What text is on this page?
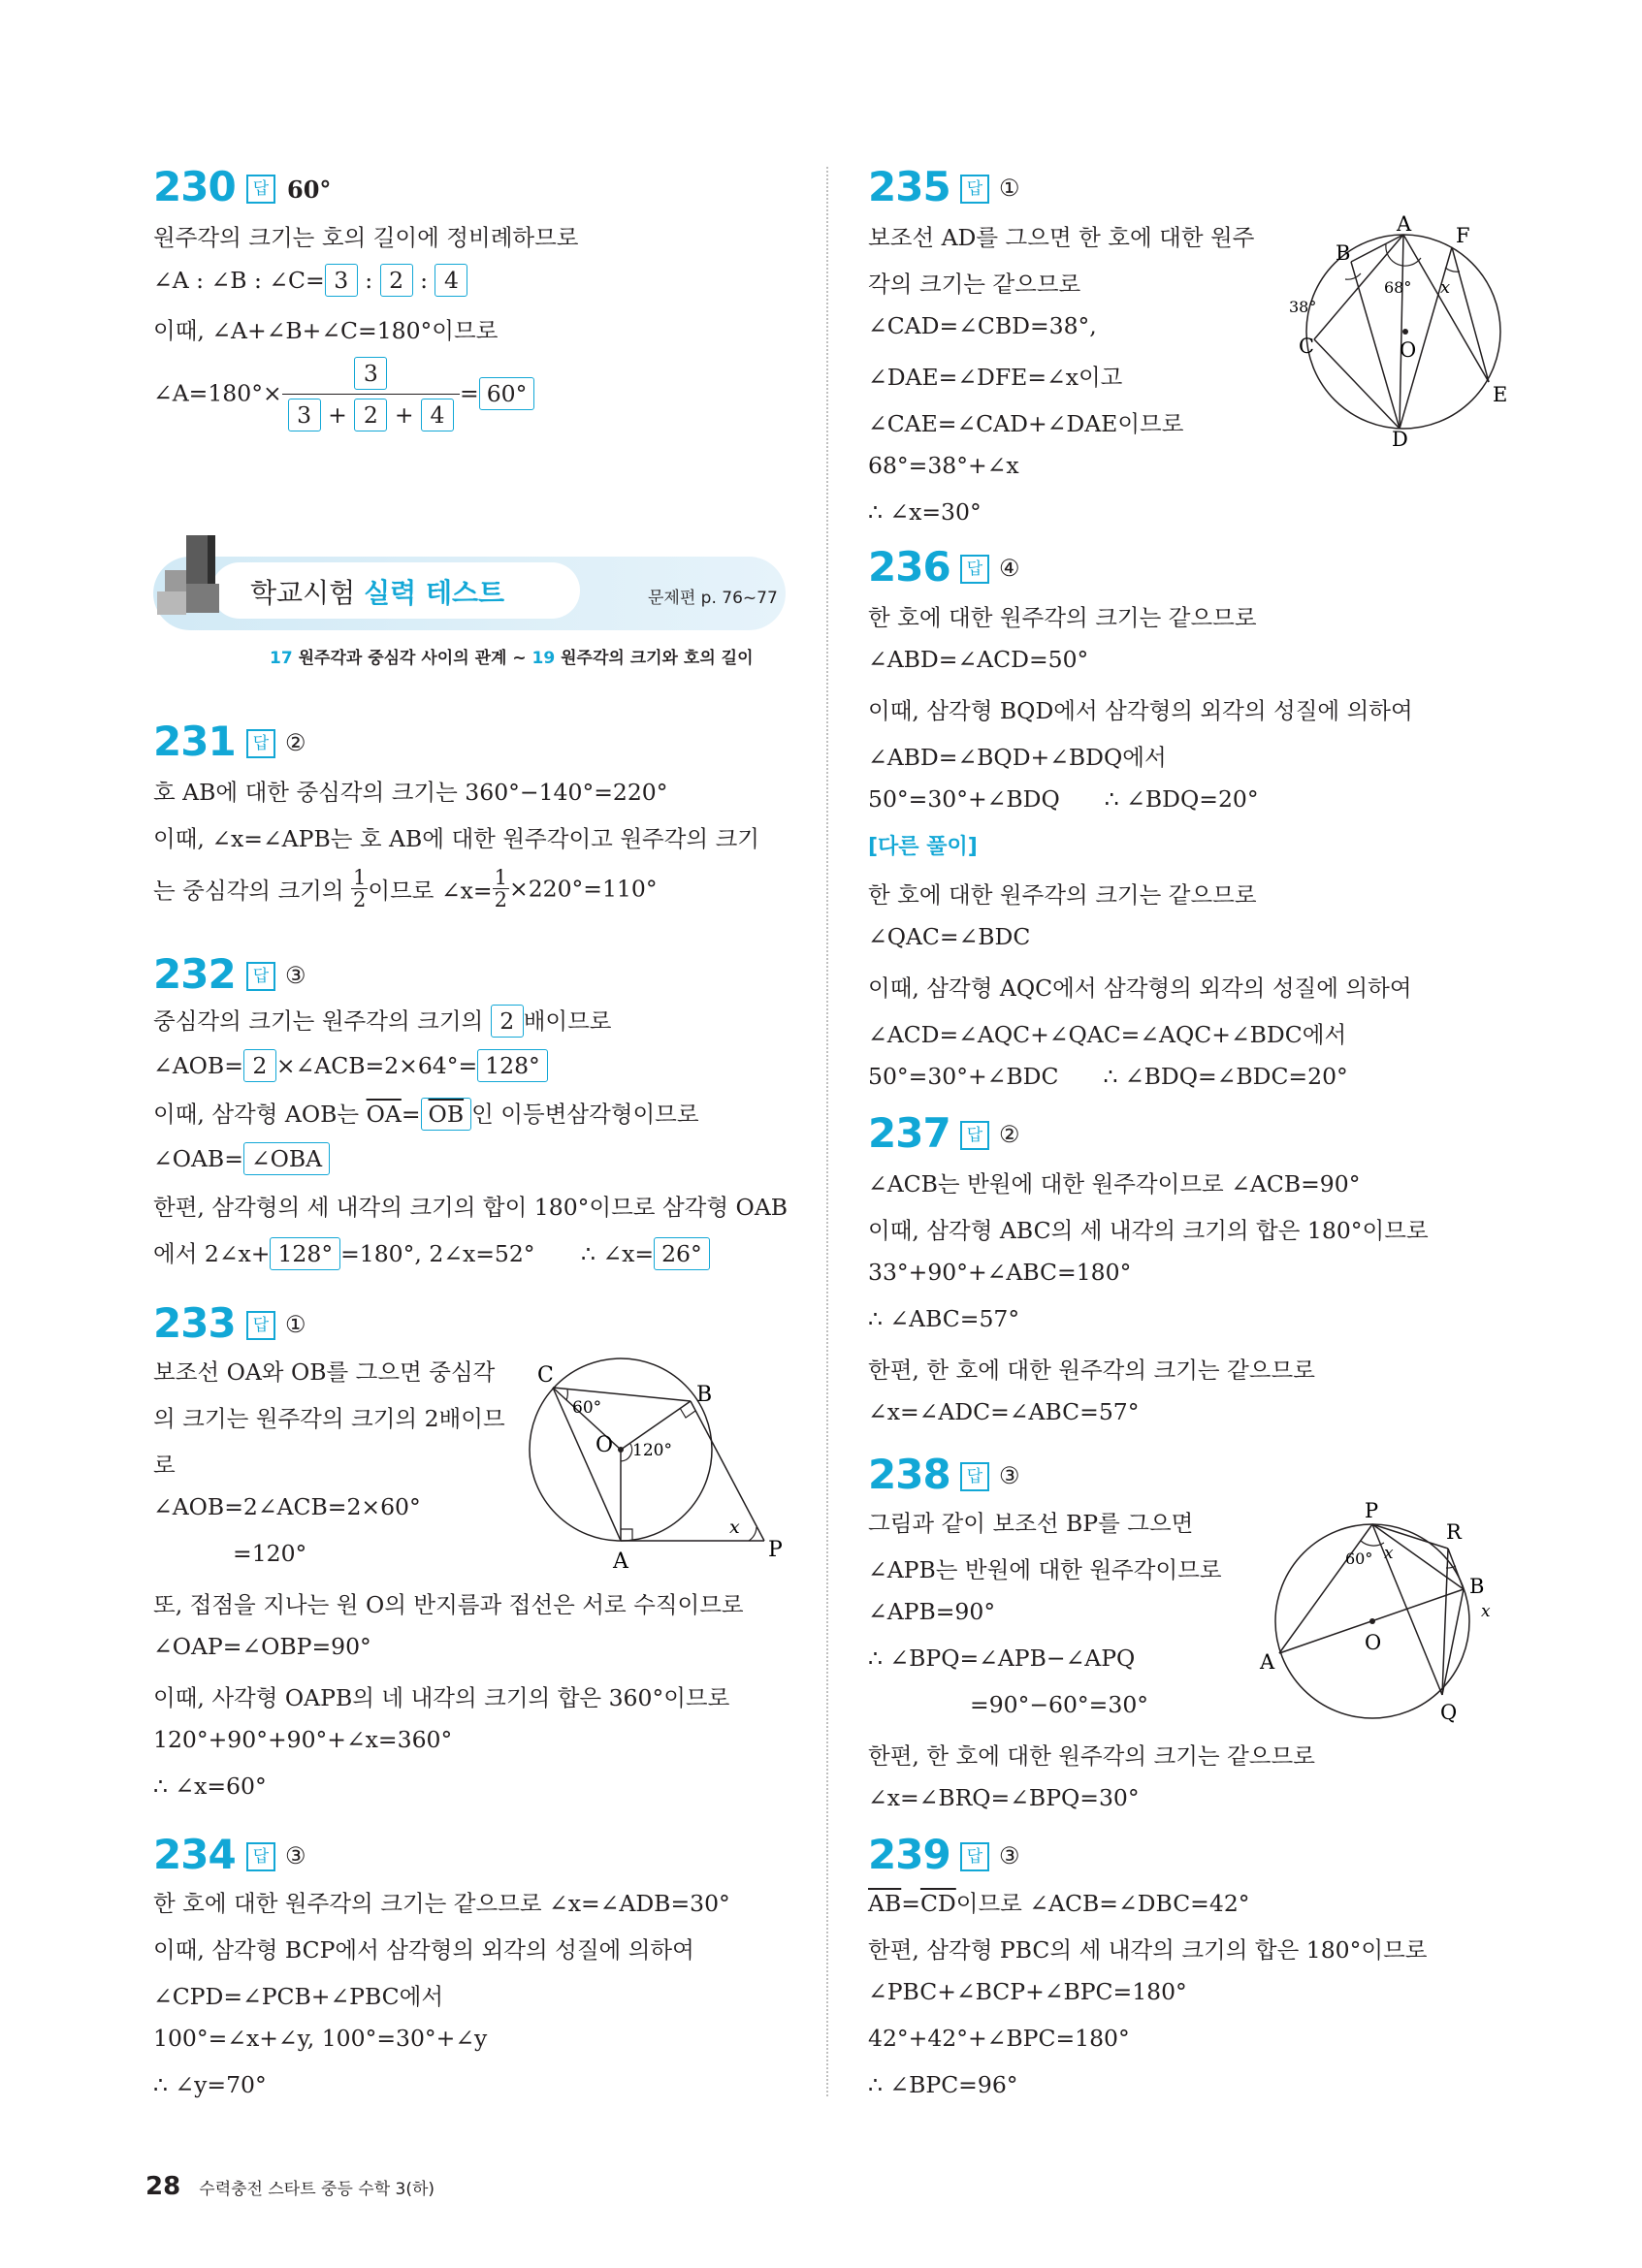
230	답 60°
원주각의 크기는 호의 길이에 정비례하므로
∠A : ∠B : ∠C= 3 : 2 : 4
이때, ∠A+∠B+∠C=180°이므로
∠A=180°× $\frac{3}{3 + 2 + 4} = 60^\circ$
학교시험 실력 테스트	문제편 p. 76~77
17 원주각과 중심각 사이의 관계 ~ 19 원주각의 크기와 호의 길이
231	답 ②
호 AB에 대한 중심각의 크기는 360°−140°=220°
이때, ∠x=∠APB는 호 AB에 대한 원주각이고 원주각의 크기
는 중심각의 크기의 $\frac{1}{2}$ 이므로 ∠x= $\frac{1}{2} \times 220^\circ=110^\circ$
232	답 ③
중심각의 크기는 원주각의 크기의 2 배이므로
∠AOB= 2 ×∠ACB=2×64°= 128°
이때, 삼각형 AOB는 $\overline{OA}= \overline{OB}$ 인 이등변삼각형이므로
∠OAB= ∠OBA
한편, 삼각형의 세 내각의 크기의 합이 180°이므로 삼각형 OAB
에서 2∠x+ 128° =180°, 2∠x=52° ∴ ∠x= 26°
233	답 ①
보조선 OA와 OB를 그으면 중심각
의 크기는 원주각의 크기의 2배이므
로
∠AOB=2∠ACB=2×60°
=120°
또, 접점을 지나는 원 O의 반지름과 접선은 서로 수직이므로
∠OAP=∠OBP=90°
이때, 사각형 OAPB의 네 내각의 크기의 합은 360°이므로
120°+90°+90°+∠x=360°
∴ ∠x=60°
C
B
O
A	P
60°
120°
x
234	답 ③
한 호에 대한 원주각의 크기는 같으므로 ∠x=∠ADB=30°
이때, 삼각형 BCP에서 삼각형의 외각의 성질에 의하여
∠CPD=∠PCB+∠PBC에서
100°=∠x+∠y, 100°=30°+∠y
∴ ∠y=70°
235	답 ①
보조선 AD를 그으면 한 호에 대한 원주
각의 크기는 같으므로
∠CAD=∠CBD=38°,
∠DAE=∠DFE=∠x이고
∠CAE=∠CAD+∠DAE이므로
68°=38°+∠x
∴ ∠x=30°
A
B
C
D
E
F
O
38°
68° x
236	답 ④
한 호에 대한 원주각의 크기는 같으므로
∠ABD=∠ACD=50°
이때, 삼각형 BQD에서 삼각형의 외각의 성질에 의하여
∠ABD=∠BQD+∠BDQ에서
50°=30°+∠BDQ ∴ ∠BDQ=20°
[다른 풀이]
한 호에 대한 원주각의 크기는 같으므로
∠QAC=∠BDC
이때, 삼각형 AQC에서 삼각형의 외각의 성질에 의하여
∠ACD=∠AQC+∠QAC=∠AQC+∠BDC에서
50°=30°+∠BDC ∴ ∠BDQ=∠BDC=20°
237	답 ②
∠ACB는 반원에 대한 원주각이므로 ∠ACB=90°
이때, 삼각형 ABC의 세 내각의 크기의 합은 180°이므로
33°+90°+∠ABC=180°
∴ ∠ABC=57°
한편, 한 호에 대한 원주각의 크기는 같으므로
∠x=∠ADC=∠ABC=57°
238	답 ③
그림과 같이 보조선 BP를 그으면
∠APB는 반원에 대한 원주각이므로
∠APB=90°
∴ ∠BPQ=∠APB−∠APQ
=90°−60°=30°
한편, 한 호에 대한 원주각의 크기는 같으므로
∠x=∠BRQ=∠BPQ=30°
P
R
B
A
O
Q
60° x
x
239	답 ③
$\overline{AB}=\overline{CD}$이므로 ∠ACB=∠DBC=42°
한편, 삼각형 PBC의 세 내각의 크기의 합은 180°이므로
∠PBC+∠BCP+∠BPC=180°
42°+42°+∠BPC=180°
∴ ∠BPC=96°
28 수력충전 스타트 중등 수학 3(하)
